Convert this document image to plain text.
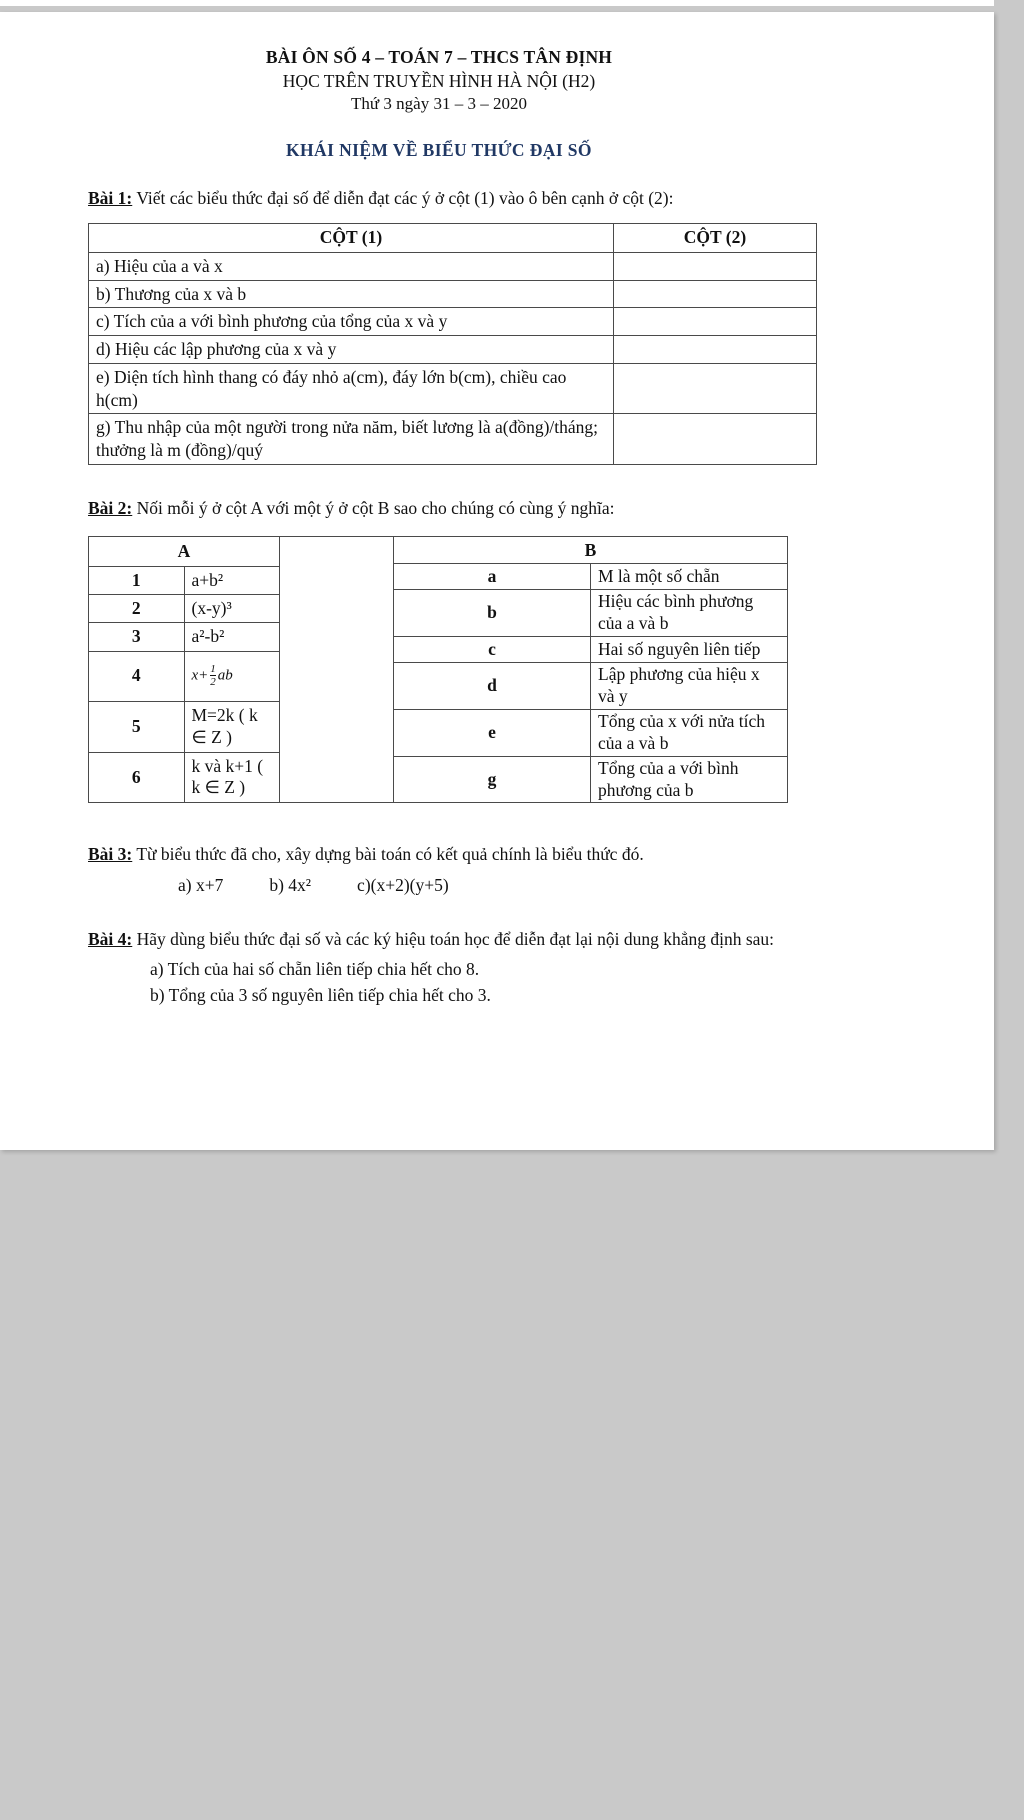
BÀI ÔN SỐ 4 – TOÁN 7 – THCS TÂN ĐỊNH
HỌC TRÊN TRUYỀN HÌNH HÀ NỘI (H2)
Thứ 3 ngày 31 – 3 – 2020
KHÁI NIỆM VỀ BIỂU THỨC ĐẠI SỐ
Bài 1: Viết các biểu thức đại số để diễn đạt các ý ở cột (1) vào ô bên cạnh ở cột (2):
CỘT (1)	CỘT (2)
a) Hiệu của a và x	
b) Thương của x và b	
c) Tích của a với bình phương của tổng của x và y	
d) Hiệu các lập phương của x và y	
e) Diện tích hình thang có đáy nhỏ a(cm), đáy lớn b(cm), chiều cao h(cm)	
g) Thu nhập của một người trong nửa năm, biết lương là a(đồng)/tháng; thưởng là m (đồng)/quý	
Bài 2: Nối mỗi ý ở cột A với một ý ở cột B sao cho chúng có cùng ý nghĩa:
A	
1	a+b²
2	(x-y)³
3	a²-b²
4	$x+ \frac{1}{2}$ ab
5	M=2k ( k ∈ Z )
6	k và k+1 ( k ∈ Z )
B	
a	M là một số chẵn
b	Hiệu các bình phương của a và b
c	Hai số nguyên liên tiếp
d	Lập phương của hiệu x và y
e	Tổng của x với nửa tích của a và b
g	Tổng của a với bình phương của b
Bài 3: Từ biểu thức đã cho, xây dựng bài toán có kết quả chính là biểu thức đó.
a) x+7	b) 4x²	c)(x+2)(y+5)
Bài 4: Hãy dùng biểu thức đại số và các ký hiệu toán học để diễn đạt lại nội dung khẳng định sau:
a) Tích của hai số chẵn liên tiếp chia hết cho 8.
b) Tổng của 3 số nguyên liên tiếp chia hết cho 3.
